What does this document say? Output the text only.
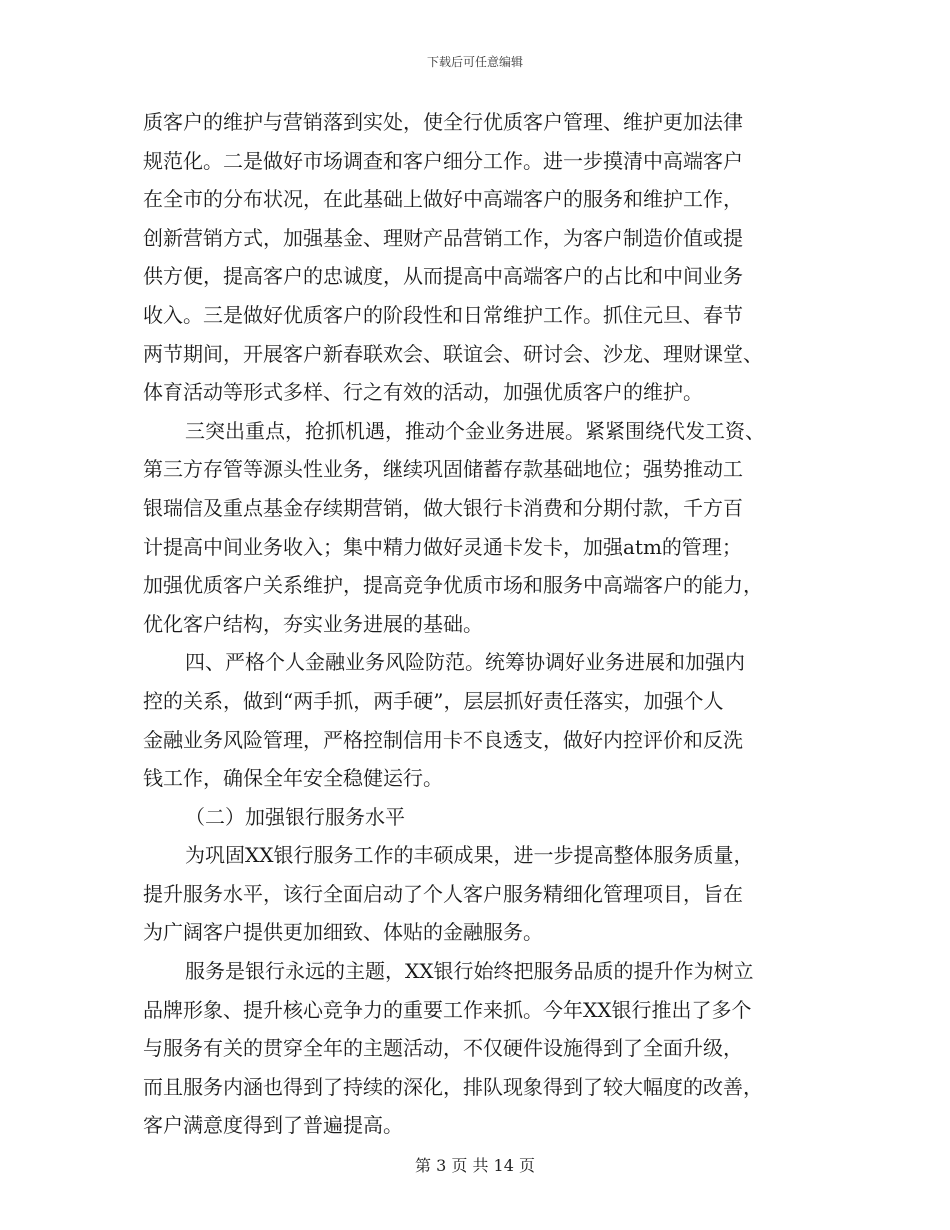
下载后可任意编辑
质客户的维护与营销落到实处，使全行优质客户管理、维护更加法律
规范化。二是做好市场调查和客户细分工作。进一步摸清中高端客户
在全市的分布状况，在此基础上做好中高端客户的服务和维护工作，
创新营销方式，加强基金、理财产品营销工作，为客户制造价值或提
供方便，提高客户的忠诚度，从而提高中高端客户的占比和中间业务
收入。三是做好优质客户的阶段性和日常维护工作。抓住元旦、春节
两节期间，开展客户新春联欢会、联谊会、研讨会、沙龙、理财课堂、
体育活动等形式多样、行之有效的活动，加强优质客户的维护。
三突出重点，抢抓机遇，推动个金业务进展。紧紧围绕代发工资、
第三方存管等源头性业务，继续巩固储蓄存款基础地位；强势推动工
银瑞信及重点基金存续期营销，做大银行卡消费和分期付款，千方百
计提高中间业务收入；集中精力做好灵通卡发卡，加强atm的管理；
加强优质客户关系维护，提高竞争优质市场和服务中高端客户的能力，
优化客户结构，夯实业务进展的基础。
四、严格个人金融业务风险防范。统筹协调好业务进展和加强内
控的关系，做到“两手抓，两手硬”，层层抓好责任落实，加强个人
金融业务风险管理，严格控制信用卡不良透支，做好内控评价和反洗
钱工作，确保全年安全稳健运行。
（二）加强银行服务水平
为巩固XX银行服务工作的丰硕成果，进一步提高整体服务质量，
提升服务水平，该行全面启动了个人客户服务精细化管理项目，旨在
为广阔客户提供更加细致、体贴的金融服务。
服务是银行永远的主题，XX银行始终把服务品质的提升作为树立
品牌形象、提升核心竞争力的重要工作来抓。今年XX银行推出了多个
与服务有关的贯穿全年的主题活动，不仅硬件设施得到了全面升级，
而且服务内涵也得到了持续的深化，排队现象得到了较大幅度的改善，
客户满意度得到了普遍提高。
第 3 页 共 14 页
